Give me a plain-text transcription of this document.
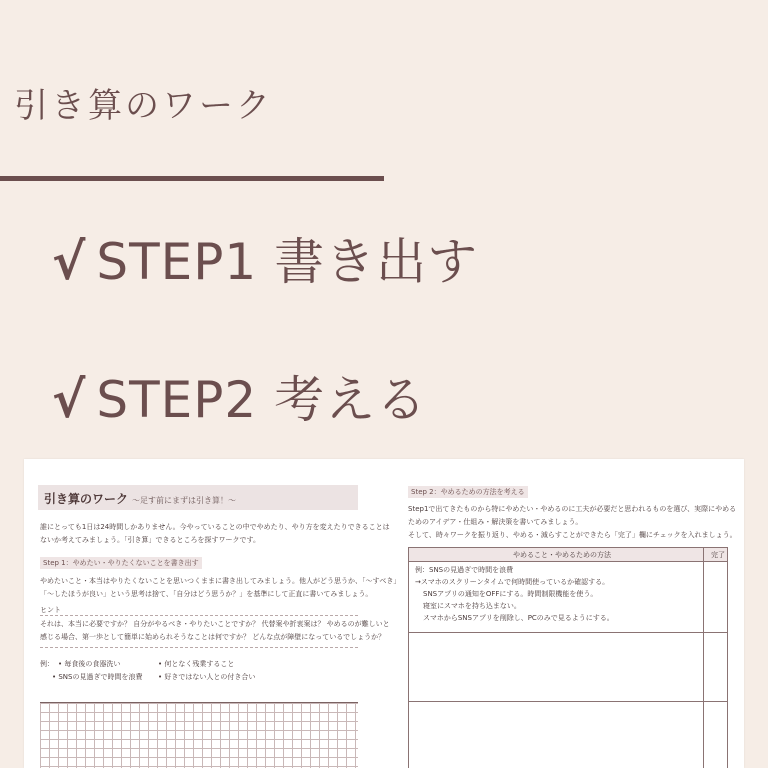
引き算のワーク
√ STEP1 書き出す
√ STEP2 考える
引き算のワーク ～足す前にまずは引き算！～
誰にとっても1日は24時間しかありません。今やっていることの中でやめたり、やり方を変えたりできることは
ないか考えてみましょう。「引き算」できるところを探すワークです。
Step 1：やめたい・やりたくないことを書き出す
やめたいこと・本当はやりたくないことを思いつくままに書き出してみましょう。他人がどう思うか、「～すべき」
「～したほうが良い」という思考は捨て、「自分はどう思うか？」を基準にして正直に書いてみましょう。
ヒント
それは、本当に必要ですか？ 自分がやるべき・やりたいことですか？ 代替案や折衷案は？ やめるのが難しいと
感じる場合、第一歩として簡単に始められそうなことは何ですか？ どんな点が障壁になっているでしょうか？
例： • 毎食後の食器洗い
• SNSの見過ぎで時間を浪費
• 何となく残業すること
• 好きではない人との付き合い
Step 2：やめるための方法を考える
Step1で出てきたものから特にやめたい・やめるのに工夫が必要だと思われるものを選び、実際にやめる
ためのアイデア・仕組み・解決策を書いてみましょう。
そして、時々ワークを振り返り、やめる・減らすことができたら「完了」欄にチェックを入れましょう。
やめること・やめるための方法	完了
例：SNSの見過ぎで時間を浪費
→スマホのスクリーンタイムで何時間使っているか確認する。
SNSアプリの通知をOFFにする。時間制限機能を使う。
寝室にスマホを持ち込まない。
スマホからSNSアプリを削除し、PCのみで見るようにする。
